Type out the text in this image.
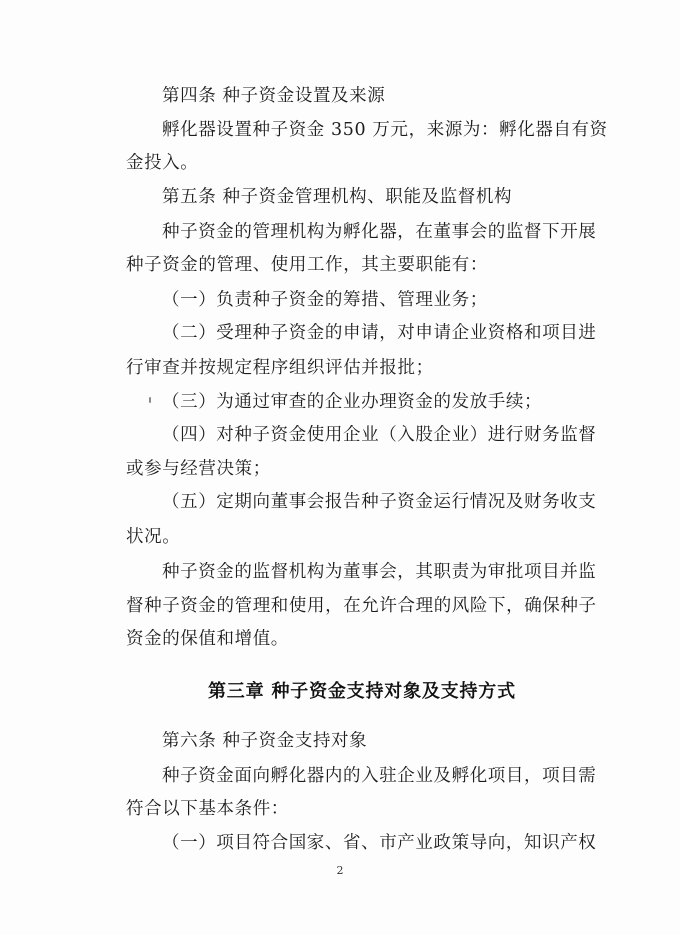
第四条 种子资金设置及来源
孵化器设置种子资金 350 万元，来源为：孵化器自有资
金投入。
第五条 种子资金管理机构、职能及监督机构
种子资金的管理机构为孵化器，在董事会的监督下开展
种子资金的管理、使用工作，其主要职能有：
（一）负责种子资金的筹措、管理业务；
（二）受理种子资金的申请，对申请企业资格和项目进
行审查并按规定程序组织评估并报批；
（三）为通过审查的企业办理资金的发放手续；
（四）对种子资金使用企业（入股企业）进行财务监督
或参与经营决策；
（五）定期向董事会报告种子资金运行情况及财务收支
状况。
种子资金的监督机构为董事会，其职责为审批项目并监
督种子资金的管理和使用，在允许合理的风险下，确保种子
资金的保值和增值。
第三章 种子资金支持对象及支持方式
第六条 种子资金支持对象
种子资金面向孵化器内的入驻企业及孵化项目，项目需
符合以下基本条件：
（一）项目符合国家、省、市产业政策导向，知识产权
2
